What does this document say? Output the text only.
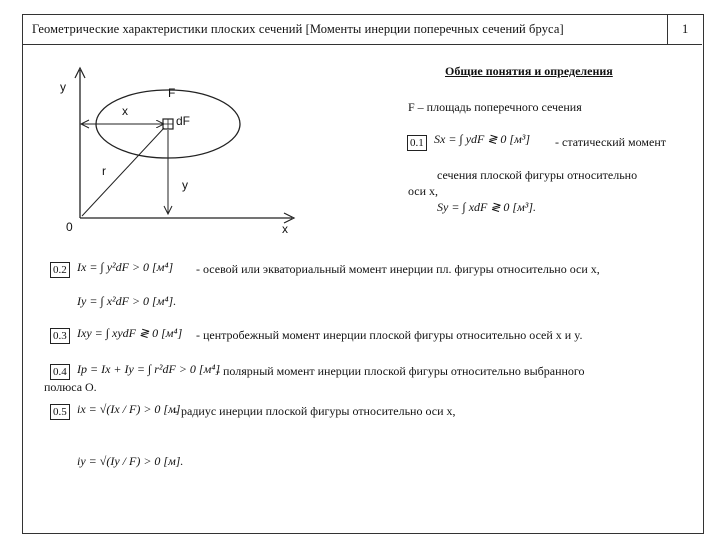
Геометрические характеристики плоских сечений [Моменты инерции поперечных сечений бруса]	1
Общие понятия и определения
y
x
0
F
x
dF
r
y
F – площадь поперечного сечения
0.1 Sx = ∫ ydF ≷ 0 [м³] - статический момент
сечения плоской фигуры относительно
оси x,
Sy = ∫ xdF ≷ 0 [м³].
0.2 Ix = ∫ y²dF > 0 [м⁴] - осевой или экваториальный момент инерции пл. фигуры относительно оси x,
Iy = ∫ x²dF > 0 [м⁴].
0.3 Ixy = ∫ xydF ≷ 0 [м⁴] - центробежный момент инерции плоской фигуры относительно осей x и y.
0.4 Ip = Ix + Iy = ∫ r²dF > 0 [м⁴]
- полярный момент инерции плоской фигуры относительно выбранного
полюса О.
0.5 ix = √(Ix / F) > 0 [м]
- радиус инерции плоской фигуры относительно оси x,
iy = √(Iy / F) > 0 [м].
